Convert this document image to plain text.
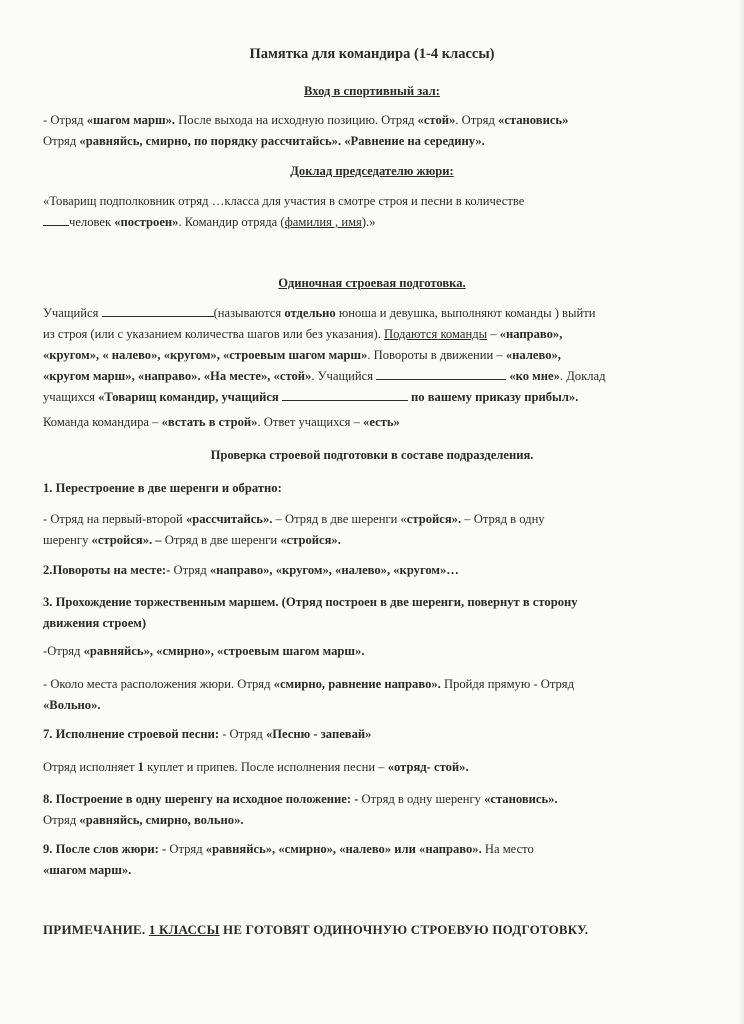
Памятка для командира (1-4 классы)

Вход в спортивный зал:

- Отряд «шагом марш». После выхода на исходную позицию. Отряд «стой». Отряд «становись»
Отряд «равняйсь, смирно, по порядку рассчитайсь». «Равнение на середину».

Доклад председателю жюри:

«Товарищ подполковник отряд …класса для участия в смотре строя и песни в количестве
человек «построен». Командир отряда (фамилия , имя).»

Одиночная строевая подготовка.

Учащийся	(называются отдельно юноша и девушка, выполняют команды ) выйти
из строя (или с указанием количества шагов или без указания). Подаются команды – «направо»,
«кругом», « налево», «кругом», «строевым шагом марш». Повороты в движении – «налево»,
«кругом марш», «направо». «На месте», «стой». Учащийся	«ко мне». Доклад
учащихся «Товарищ командир, учащийся	по вашему приказу прибыл».

Команда командира – «встать в строй». Ответ учащихся – «есть»

Проверка строевой подготовки в составе подразделения.

1. Перестроение в две шеренги и обратно:

- Отряд на первый-второй «рассчитайсь». – Отряд в две шеренги «стройся». – Отряд в одну
шеренгу «стройся». – Отряд в две шеренги «стройся».

2.Повороты на месте:- Отряд «направо», «кругом», «налево», «кругом»…

3. Прохождение торжественным маршем. (Отряд построен в две шеренги, повернут в сторону
движения строем)

-Отряд «равняйсь», «смирно», «строевым шагом марш».

- Около места расположения жюри. Отряд «смирно, равнение направо». Пройдя прямую - Отряд
«Вольно».

7. Исполнение строевой песни: - Отряд «Песню - запевай»

Отряд исполняет 1 куплет и припев. После исполнения песни – «отряд- стой».

8. Построение в одну шеренгу на исходное положение: - Отряд в одну шеренгу «становись».
Отряд «равняйсь, смирно, вольно».

9. После слов жюри: - Отряд «равняйсь», «смирно», «налево» или «направо». На место
«шагом марш».

ПРИМЕЧАНИЕ. 1 КЛАССЫ НЕ ГОТОВЯТ ОДИНОЧНУЮ СТРОЕВУЮ ПОДГОТОВКУ.
